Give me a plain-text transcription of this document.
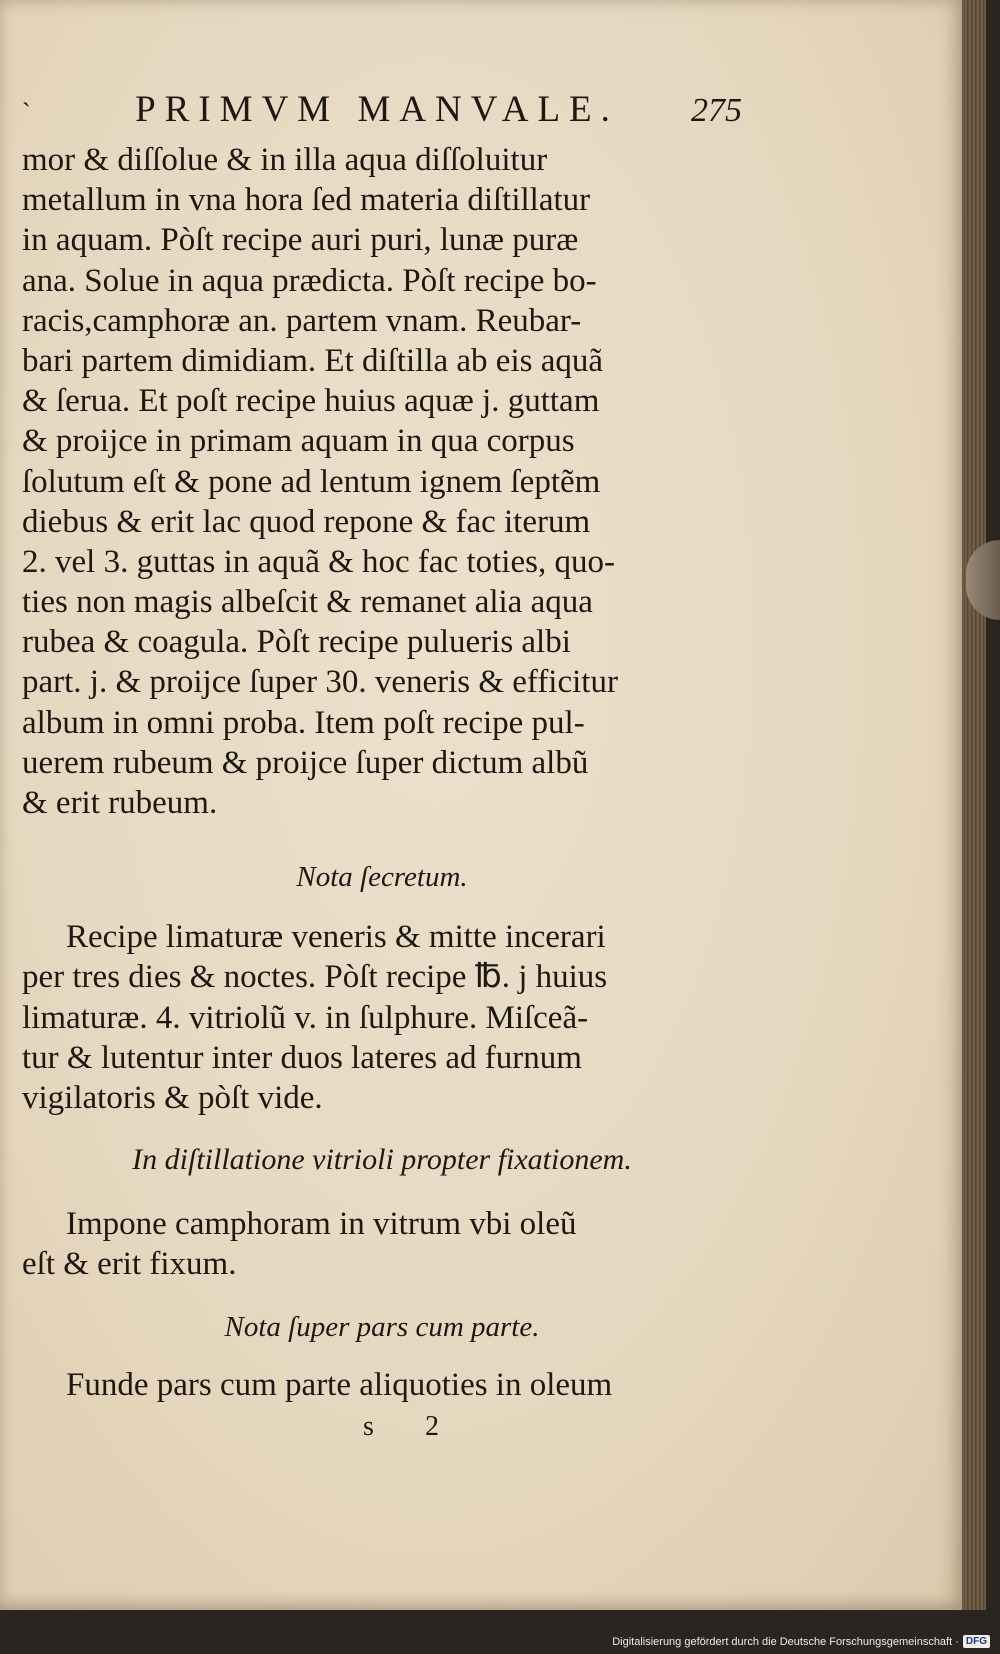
`	PRIMVM MANVALE.	275
mor & diſſolue & in illa aqua diſſoluitur
metallum in vna hora ſed materia diſtillatur
in aquam. Pòſt recipe auri puri, lunæ puræ
ana. Solue in aqua prædicta. Pòſt recipe bo-
racis,camphoræ an. partem vnam. Reubar-
bari partem dimidiam. Et diſtilla ab eis aquã
& ſerua. Et poſt recipe huius aquæ j. guttam
& proijce in primam aquam in qua corpus
ſolutum eſt & pone ad lentum ignem ſeptẽm
diebus & erit lac quod repone & fac iterum
2. vel 3. guttas in aquã & hoc fac toties, quo-
ties non magis albeſcit & remanet alia aqua
rubea & coagula. Pòſt recipe pulueris albi
part. j. & proijce ſuper 30. veneris & efficitur
album in omni proba. Item poſt recipe pul-
uerem rubeum & proijce ſuper dictum albũ
& erit rubeum.
Nota ſecretum.
Recipe limaturæ veneris & mitte incerari
per tres dies & noctes. Pòſt recipe ℔. j huius
limaturæ. 4. vitriolũ v. in ſulphure. Miſceã-
tur & lutentur inter duos lateres ad furnum
vigilatoris & pòſt vide.
In diſtillatione vitrioli propter fixationem.
Impone camphoram in vitrum vbi oleũ
eſt & erit fixum.
Nota ſuper pars cum parte.
Funde pars cum parte aliquoties in oleum
s 2
Digitalisierung gefördert durch die Deutsche Forschungsgemeinschaft · DFG
